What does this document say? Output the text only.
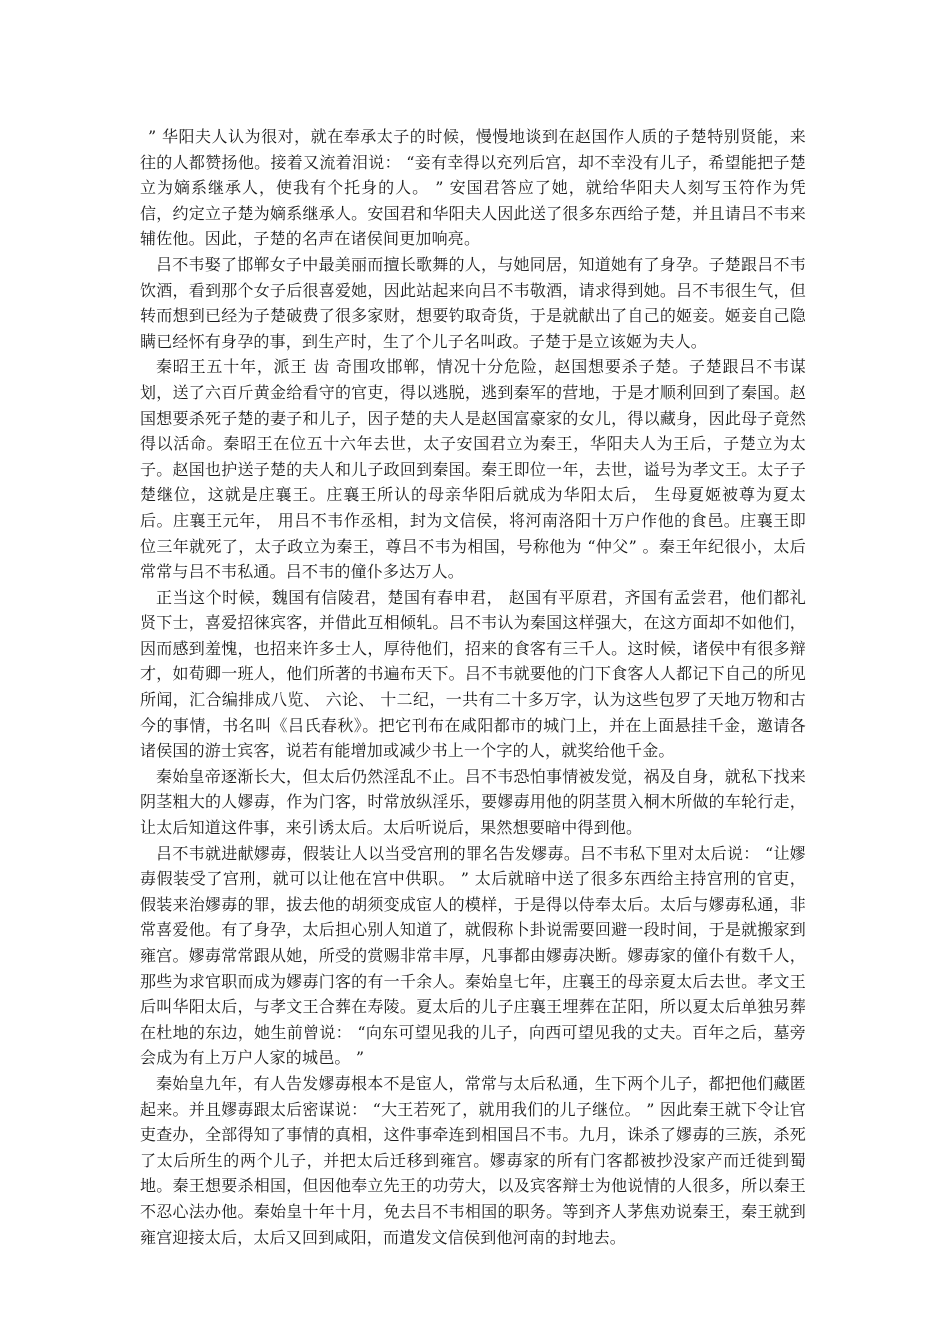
” 华阳夫人认为很对，就在奉承太子的时候，慢慢地谈到在赵国作人质的子楚特别贤能，来往的人都赞扬他。接着又流着泪说： “妾有幸得以充列后宫，却不幸没有儿子，希望能把子楚立为嫡系继承人，使我有个托身的人。 ” 安国君答应了她，就给华阳夫人刻写玉符作为凭信，约定立子楚为嫡系继承人。安国君和华阳夫人因此送了很多东西给子楚，并且请吕不韦来辅佐他。因此，子楚的名声在诸侯间更加响亮。

吕不韦娶了邯郸女子中最美丽而擅长歌舞的人，与她同居，知道她有了身孕。子楚跟吕不韦饮酒，看到那个女子后很喜爱她，因此站起来向吕不韦敬酒，请求得到她。吕不韦很生气，但转而想到已经为子楚破费了很多家财，想要钓取奇货，于是就献出了自己的姬妾。姬妾自己隐瞒已经怀有身孕的事，到生产时，生了个儿子名叫政。子楚于是立该姬为夫人。

秦昭王五十年，派王 齿 奇围攻邯郸，情况十分危险，赵国想要杀子楚。子楚跟吕不韦谋划，送了六百斤黄金给看守的官吏，得以逃脱，逃到秦军的营地，于是才顺利回到了秦国。赵国想要杀死子楚的妻子和儿子，因子楚的夫人是赵国富豪家的女儿，得以藏身，因此母子竟然得以活命。秦昭王在位五十六年去世，太子安国君立为秦王，华阳夫人为王后，子楚立为太子。赵国也护送子楚的夫人和儿子政回到秦国。秦王即位一年，去世，谥号为孝文王。太子子楚继位，这就是庄襄王。庄襄王所认的母亲华阳后就成为华阳太后， 生母夏姬被尊为夏太后。庄襄王元年， 用吕不韦作丞相，封为文信侯，将河南洛阳十万户作他的食邑。庄襄王即位三年就死了，太子政立为秦王，尊吕不韦为相国，号称他为 “仲父” 。秦王年纪很小，太后常常与吕不韦私通。吕不韦的僮仆多达万人。

正当这个时候，魏国有信陵君，楚国有春申君， 赵国有平原君，齐国有孟尝君，他们都礼贤下士，喜爱招徕宾客，并借此互相倾轧。吕不韦认为秦国这样强大，在这方面却不如他们，因而感到羞愧，也招来许多士人，厚待他们，招来的食客有三千人。这时候，诸侯中有很多辩才，如荀卿一班人，他们所著的书遍布天下。吕不韦就要他的门下食客人人都记下自己的所见所闻，汇合编排成八览、 六论、 十二纪，一共有二十多万字，认为这些包罗了天地万物和古今的事情，书名叫《吕氏春秋》。把它刊布在咸阳都市的城门上，并在上面悬挂千金，邀请各诸侯国的游士宾客，说若有能增加或减少书上一个字的人，就奖给他千金。

秦始皇帝逐渐长大，但太后仍然淫乱不止。吕不韦恐怕事情被发觉，祸及自身，就私下找来阴茎粗大的人嫪毐，作为门客，时常放纵淫乐，要嫪毐用他的阴茎贯入桐木所做的车轮行走，让太后知道这件事，来引诱太后。太后听说后，果然想要暗中得到他。

吕不韦就进献嫪毐，假装让人以当受宫刑的罪名告发嫪毐。吕不韦私下里对太后说： “让嫪毐假装受了宫刑，就可以让他在宫中供职。 ” 太后就暗中送了很多东西给主持宫刑的官吏，假装来治嫪毐的罪，拔去他的胡须变成宦人的模样，于是得以侍奉太后。太后与嫪毐私通，非常喜爱他。有了身孕，太后担心别人知道了，就假称卜卦说需要回避一段时间，于是就搬家到雍宫。嫪毐常常跟从她，所受的赏赐非常丰厚，凡事都由嫪毐决断。嫪毐家的僮仆有数千人，那些为求官职而成为嫪毐门客的有一千余人。秦始皇七年，庄襄王的母亲夏太后去世。孝文王后叫华阳太后，与孝文王合葬在寿陵。夏太后的儿子庄襄王埋葬在芷阳，所以夏太后单独另葬在杜地的东边，她生前曾说： “向东可望见我的儿子，向西可望见我的丈夫。百年之后，墓旁会成为有上万户人家的城邑。 ”

秦始皇九年，有人告发嫪毐根本不是宦人，常常与太后私通，生下两个儿子，都把他们藏匿起来。并且嫪毐跟太后密谋说： “大王若死了，就用我们的儿子继位。 ” 因此秦王就下令让官吏查办，全部得知了事情的真相，这件事牵连到相国吕不韦。九月，诛杀了嫪毐的三族，杀死了太后所生的两个儿子，并把太后迁移到雍宫。嫪毐家的所有门客都被抄没家产而迁徙到蜀地。秦王想要杀相国，但因他奉立先王的功劳大，以及宾客辩士为他说情的人很多，所以秦王不忍心法办他。秦始皇十年十月，免去吕不韦相国的职务。等到齐人茅焦劝说秦王，秦王就到雍宫迎接太后，太后又回到咸阳，而遣发文信侯到他河南的封地去。
